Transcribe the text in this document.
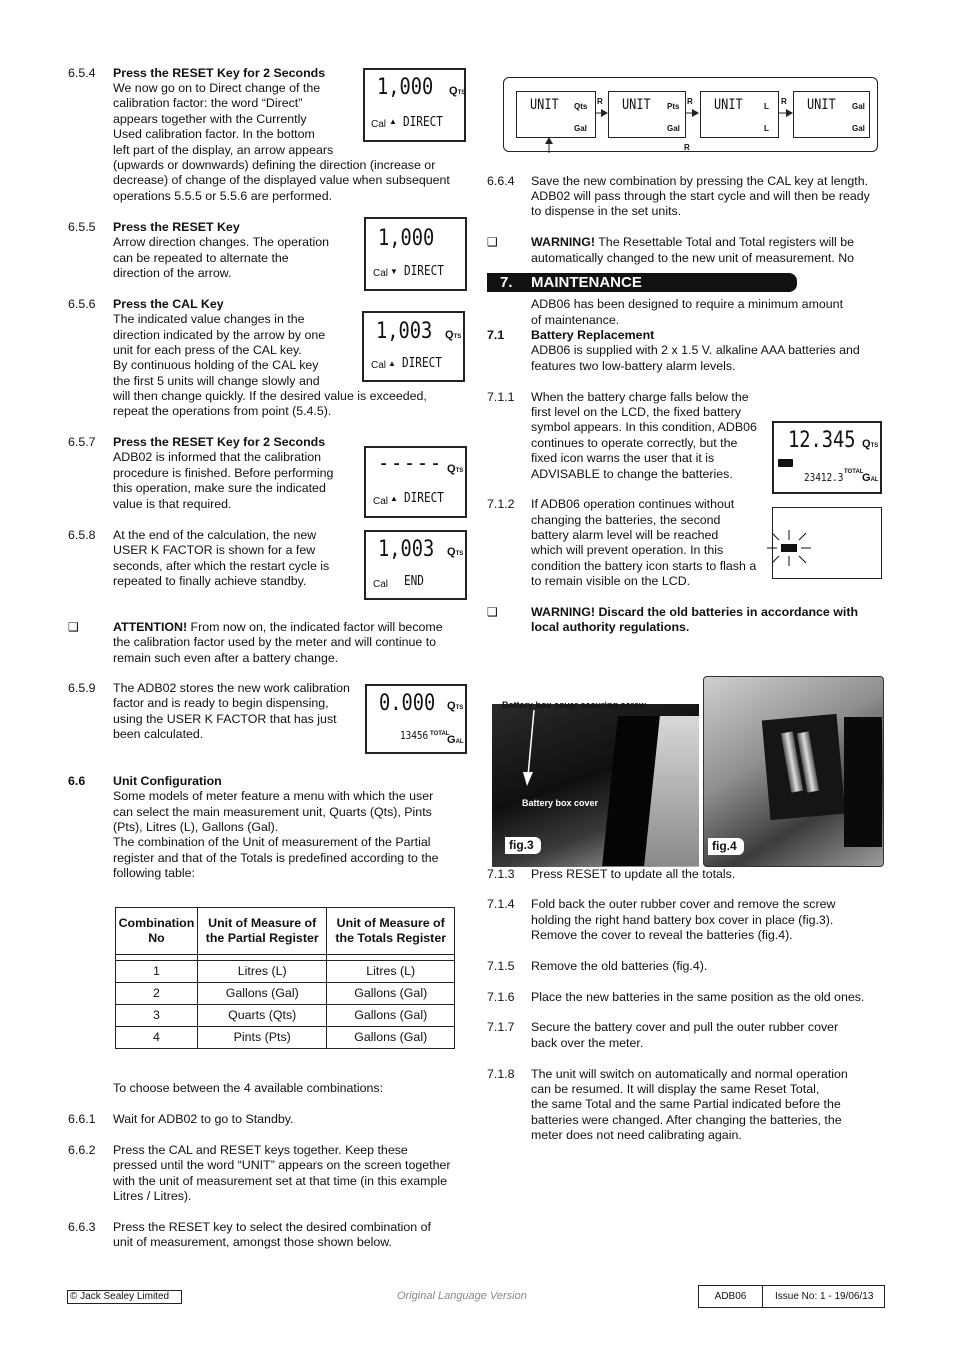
6.5.4	Press the RESET Key for 2 Seconds
We now go on to Direct change of the
calibration factor: the word “Direct”
appears together with the Currently
Used calibration factor. In the bottom
left part of the display, an arrow appears
(upwards or downwards) defining the direction (increase or
decrease) of change of the displayed value when subsequent
operations 5.5.5 or 5.5.6 are performed.
1,000 QTS
Cal ▲ DIRECT
6.5.5	Press the RESET Key
Arrow direction changes. The operation
can be repeated to alternate the
direction of the arrow.
1,000
Cal ▼ DIRECT
6.5.6	Press the CAL Key
The indicated value changes in the
direction indicated by the arrow by one
unit for each press of the CAL key.
By continuous holding of the CAL key
the first 5 units will change slowly and
will then change quickly. If the desired value is exceeded,
repeat the operations from point (5.4.5).
1,003 QTS
Cal ▲ DIRECT
6.5.7	Press the RESET Key for 2 Seconds
ADB02 is informed that the calibration
procedure is finished. Before performing
this operation, make sure the indicated
value is that required.
----- QTS
Cal ▲ DIRECT
6.5.8	At the end of the calculation, the new
USER K FACTOR is shown for a few
seconds, after which the restart cycle is
repeated to finally achieve standby.
1,003 QTS
Cal END
❑	ATTENTION! From now on, the indicated factor will become
the calibration factor used by the meter and will continue to
remain such even after a battery change.
6.5.9	The ADB02 stores the new work calibration
factor and is ready to begin dispensing,
using the USER K FACTOR that has just
been calculated.
0.000 QTS
TOTAL
13456 GAL
6.6	Unit Configuration
Some models of meter feature a menu with which the user
can select the main measurement unit, Quarts (Qts), Pints
(Pts), Litres (L), Gallons (Gal).
The combination of the Unit of measurement of the Partial
register and that of the Totals is predefined according to the
following table:
Combination
No	Unit of Measure of
the Partial Register	Unit of Measure of
the Totals Register

1	Litres (L)	Litres (L)
2	Gallons (Gal)	Gallons (Gal)
3	Quarts (Qts)	Gallons (Gal)
4	Pints (Pts)	Gallons (Gal)
To choose between the 4 available combinations:
6.6.1	Wait for ADB02 to go to Standby.
6.6.2	Press the CAL and RESET keys together. Keep these
pressed until the word “UNIT” appears on the screen together
with the unit of measurement set at that time (in this example
Litres / Litres).
6.6.3	Press the RESET key to select the desired combination of
unit of measurement, amongst those shown below.
R	R	R
R
UNIT Qts
Gal
UNIT Pts
Gal
UNIT	L
L
UNIT Gal
Gal
6.6.4	Save the new combination by pressing the CAL key at length.
ADB02 will pass through the start cycle and will then be ready
to dispense in the set units.
❑	WARNING! The Resettable Total and Total registers will be
automatically changed to the new unit of measurement. No
7. MAINTENANCE
ADB06 has been designed to require a minimum amount
of maintenance.
7.1	Battery Replacement
ADB06 is supplied with 2 x 1.5 V. alkaline AAA batteries and
features two low-battery alarm levels.
7.1.1	When the battery charge falls below the
first level on the LCD, the fixed battery
symbol appears. In this condition, ADB06
continues to operate correctly, but the
fixed icon warns the user that it is
ADVISABLE to change the batteries.
12.345 QTS
TOTAL
23412.3 GAL
7.1.2	If ADB06 operation continues without
changing the batteries, the second
battery alarm level will be reached
which will prevent operation. In this
condition the battery icon starts to flash a
to remain visible on the LCD.
❑	WARNING! Discard the old batteries in accordance with
local authority regulations.
Battery box cover securing screw
Battery box cover
fig.3	fig.4
7.1.3	Press RESET to update all the totals.
7.1.4	Fold back the outer rubber cover and remove the screw
holding the right hand battery box cover in place (fig.3).
Remove the cover to reveal the batteries (fig.4).
7.1.5	Remove the old batteries (fig.4).
7.1.6	Place the new batteries in the same position as the old ones.
7.1.7	Secure the battery cover and pull the outer rubber cover
back over the meter.
7.1.8	The unit will switch on automatically and normal operation
can be resumed. It will display the same Reset Total,
the same Total and the same Partial indicated before the
batteries were changed. After changing the batteries, the
meter does not need calibrating again.
© Jack Sealey Limited	Original Language Version	ADB06	Issue No: 1 - 19/06/13
